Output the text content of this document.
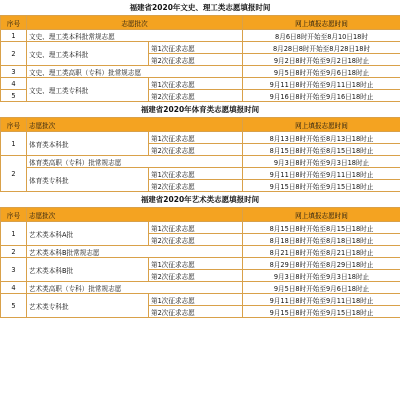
福建省2020年文史、理工类志愿填报时间
序号	志愿批次		网上填报志愿时间
1	文史、理工类本科批常规志愿		8月6日8时开始至8月10日18时
2	文史、理工类本科批	第1次征求志愿	8月28日8时开始至8月28日18时
		第2次征求志愿	9月2日8时开始至9月2日18时止
3	文史、理工类高职（专科）批常规志愿		9月5日8时开始至9月6日18时止
4	文史、理工类专科批	第1次征求志愿	9月11日8时开始至9月11日18时止
5		第2次征求志愿	9月16日8时开始至9月16日18时止
福建省2020年体育类志愿填报时间
序号	志愿批次		网上填报志愿时间
1	体育类本科批	第1次征求志愿	8月13日8时开始至8月13日18时止
		第2次征求志愿	8月15日8时开始至8月15日18时止
2	体育类高职（专科）批常规志愿		9月3日8时开始至9月3日18时止
	体育类专科批	第1次征求志愿	9月11日8时开始至9月11日18时止
		第2次征求志愿	9月15日8时开始至9月15日18时止
福建省2020年艺术类志愿填报时间
序号	志愿批次		网上填报志愿时间
1	艺术类本科A批	第1次征求志愿	8月15日8时开始至8月15日18时止
		第2次征求志愿	8月18日8时开始至8月18日18时止
2	艺术类本科B批常规志愿		8月21日8时开始至8月21日18时止
3	艺术类本科B批	第1次征求志愿	8月29日8时开始至8月29日18时止
		第2次征求志愿	9月3日8时开始至9月3日18时止
4	艺术类高职（专科）批常规志愿		9月5日8时开始至9月6日18时止
5	艺术类专科批	第1次征求志愿	9月11日8时开始至9月11日18时止
		第2次征求志愿	9月15日8时开始至9月15日18时止
